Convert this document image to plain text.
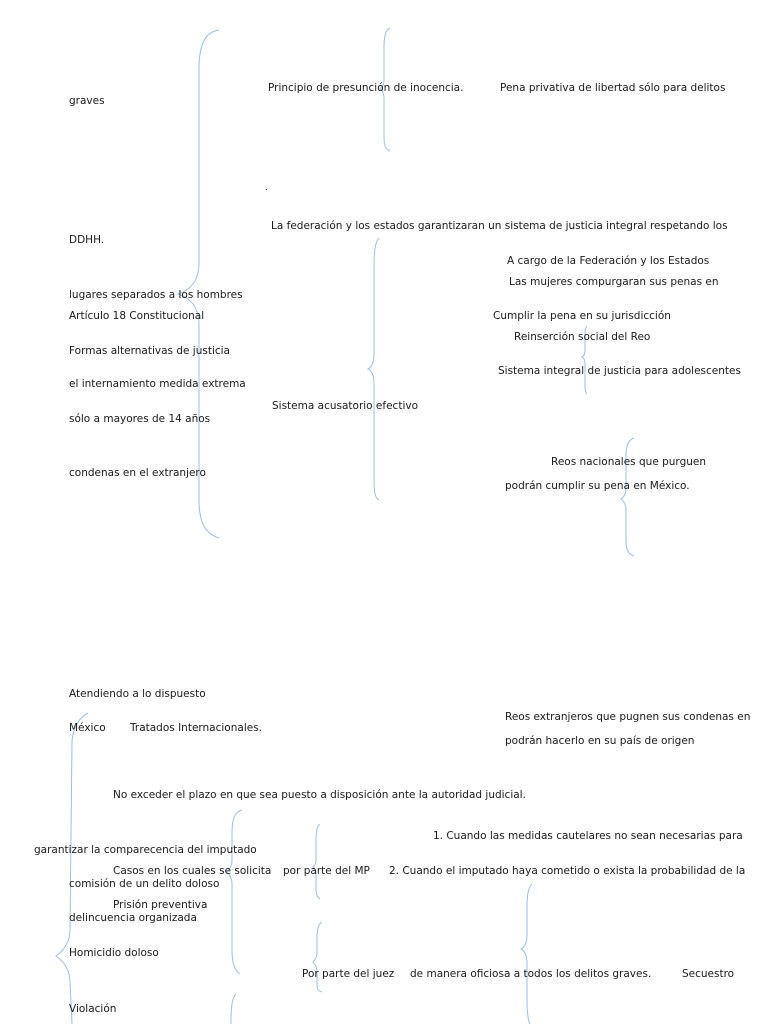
graves
Principio de presunción de inocencia.	Pena privativa de libertad sólo para delitos
.
La federación y los estados garantizaran un sistema de justicia integral respetando los
DDHH.
A cargo de la Federación y los Estados
Las mujeres compurgaran sus penas en
lugares separados a los hombres
Artículo 18 Constitucional	Cumplir la pena en su jurisdicción
Reinserción social del Reo
Formas alternativas de justicia
Sistema integral de justicia para adolescentes
el internamiento medida extrema
Sistema acusatorio efectivo
sólo a mayores de 14 años
Reos nacionales que purguen
condenas en el extranjero
podrán cumplir su pena en México.
Atendiendo a lo dispuesto
Reos extranjeros que pugnen sus condenas en
México Tratados Internacionales.
podrán hacerlo en su país de origen
No exceder el plazo en que sea puesto a disposición ante la autoridad judicial.
1. Cuando las medidas cautelares no sean necesarias para
garantizar la comparecencia del imputado
Casos en los cuales se solicita por parte del MP 2. Cuando el imputado haya cometido o exista la probabilidad de la
comisión de un delito doloso
Prisión preventiva
delincuencia organizada
Homicidio doloso
Por parte del juez de manera oficiosa a todos los delitos graves.	Secuestro
Violación
